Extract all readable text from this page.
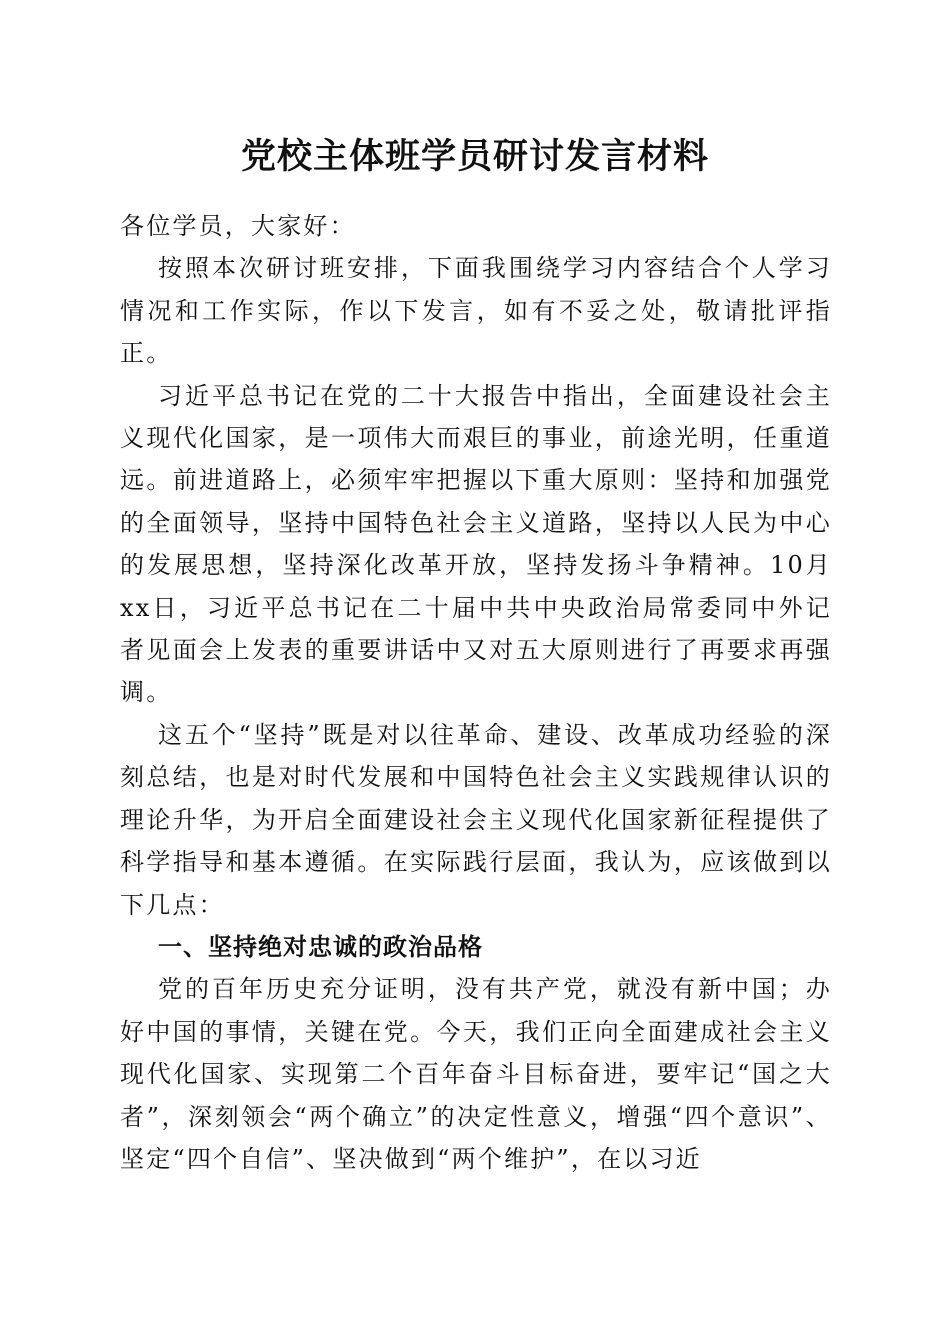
党校主体班学员研讨发言材料

各位学员，大家好：

按照本次研讨班安排，下面我围绕学习内容结合个人学习情况和工作实际，作以下发言，如有不妥之处，敬请批评指正。

习近平总书记在党的二十大报告中指出，全面建设社会主义现代化国家，是一项伟大而艰巨的事业，前途光明，任重道远。前进道路上，必须牢牢把握以下重大原则：坚持和加强党的全面领导，坚持中国特色社会主义道路，坚持以人民为中心的发展思想，坚持深化改革开放，坚持发扬斗争精神。10月xx日，习近平总书记在二十届中共中央政治局常委同中外记者见面会上发表的重要讲话中又对五大原则进行了再要求再强调。

这五个“坚持”既是对以往革命、建设、改革成功经验的深刻总结，也是对时代发展和中国特色社会主义实践规律认识的理论升华，为开启全面建设社会主义现代化国家新征程提供了科学指导和基本遵循。在实际践行层面，我认为，应该做到以下几点：

一、坚持绝对忠诚的政治品格

党的百年历史充分证明，没有共产党，就没有新中国；办好中国的事情，关键在党。今天，我们正向全面建成社会主义现代化国家、实现第二个百年奋斗目标奋进，要牢记“国之大者”，深刻领会“两个确立”的决定性意义，增强“四个意识”、坚定“四个自信”、坚决做到“两个维护”，在以习近
